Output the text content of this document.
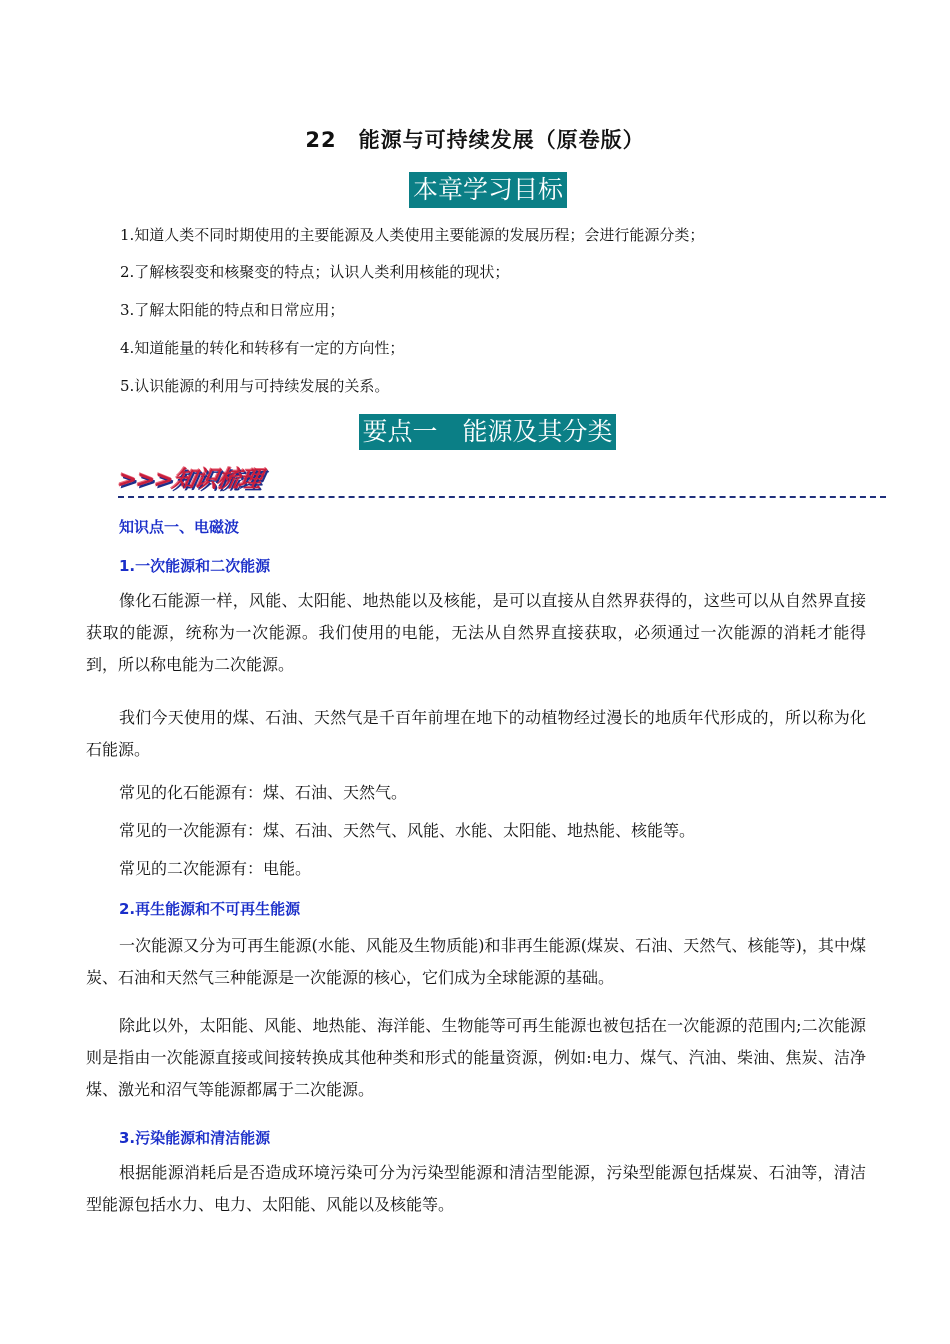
22　能源与可持续发展（原卷版）
本章学习目标
1.知道人类不同时期使用的主要能源及人类使用主要能源的发展历程；会进行能源分类；
2.了解核裂变和核聚变的特点；认识人类利用核能的现状；
3.了解太阳能的特点和日常应用；
4.知道能量的转化和转移有一定的方向性；
5.认识能源的利用与可持续发展的关系。
要点一　能源及其分类
>>>知识梳理
知识点一、电磁波
1.一次能源和二次能源

像化石能源一样，风能、太阳能、地热能以及核能，是可以直接从自然界获得的，这些可以从自然界直接获取的能源，统称为一次能源。我们使用的电能，无法从自然界直接获取，必须通过一次能源的消耗才能得到，所以称电能为二次能源。

我们今天使用的煤、石油、天然气是千百年前埋在地下的动植物经过漫长的地质年代形成的，所以称为化石能源。

常见的化石能源有：煤、石油、天然气。

常见的一次能源有：煤、石油、天然气、风能、水能、太阳能、地热能、核能等。

常见的二次能源有：电能。

2.再生能源和不可再生能源

一次能源又分为可再生能源(水能、风能及生物质能)和非再生能源(煤炭、石油、天然气、核能等)，其中煤炭、石油和天然气三种能源是一次能源的核心，它们成为全球能源的基础。

除此以外，太阳能、风能、地热能、海洋能、生物能等可再生能源也被包括在一次能源的范围内;二次能源则是指由一次能源直接或间接转换成其他种类和形式的能量资源，例如:电力、煤气、汽油、柴油、焦炭、洁净煤、激光和沼气等能源都属于二次能源。

3.污染能源和清洁能源

根据能源消耗后是否造成环境污染可分为污染型能源和清洁型能源，污染型能源包括煤炭、石油等，清洁型能源包括水力、电力、太阳能、风能以及核能等。
